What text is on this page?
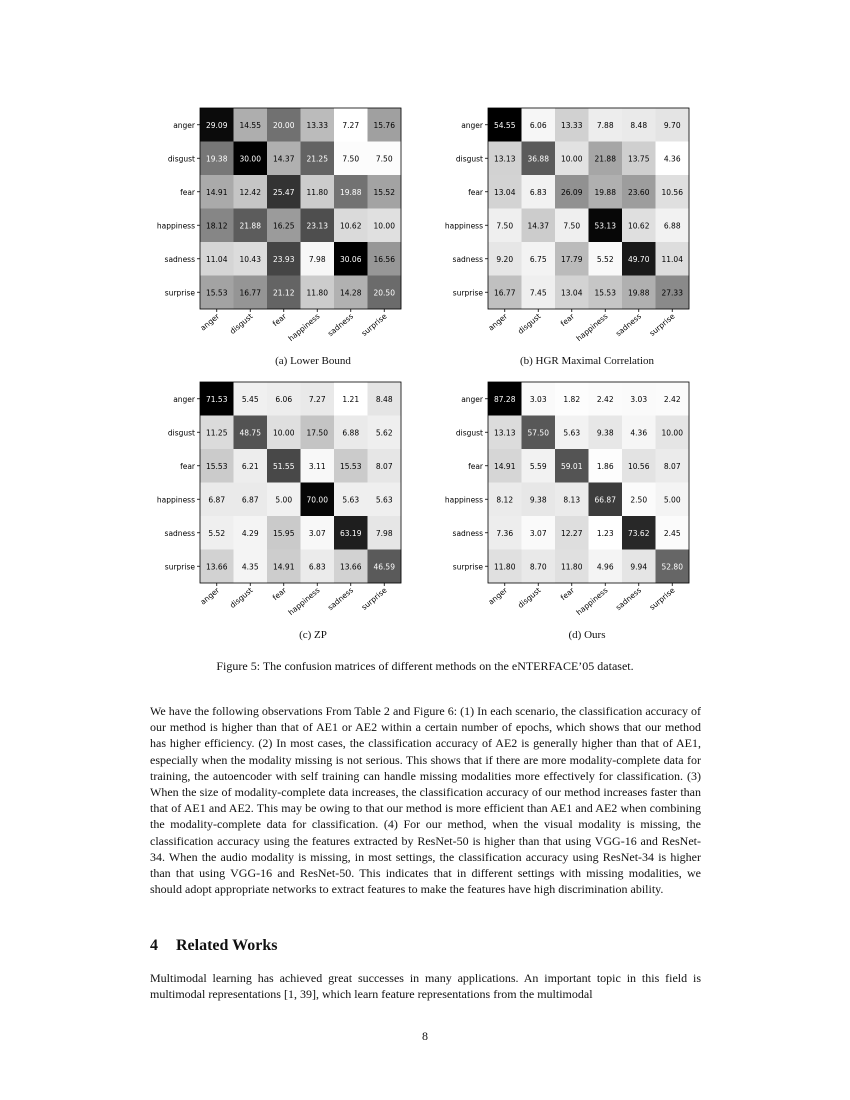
29.09 14.55 20.00 13.33 7.27 15.76
19.38 30.00 14.37 21.25 7.50 7.50
14.91 12.42 25.47 11.80 19.88 15.52
18.12 21.88 16.25 23.13 10.62 10.00
11.04 10.43 23.93 7.98 30.06 16.56
15.53 16.77 21.12 11.80 14.28 20.50
anger
disgust
fear
happiness
sadness
surprise
anger disgust fear
happiness sadness surprise
(a) Lower Bound
54.55 6.06 13.33 7.88 8.48 9.70
13.13 36.88 10.00 21.88 13.75 4.36
13.04 6.83 26.09 19.88 23.60 10.56
7.50 14.37 7.50 53.13 10.62 6.88
9.20 6.75 17.79 5.52 49.70 11.04
16.77 7.45 13.04 15.53 19.88 27.33
anger
disgust
fear
happiness
sadness
surprise
anger disgust fear
happiness sadness surprise
(b) HGR Maximal Correlation
71.53 5.45 6.06 7.27 1.21 8.48
11.25 48.75 10.00 17.50 6.88 5.62
15.53 6.21 51.55 3.11 15.53 8.07
6.87 6.87 5.00 70.00 5.63 5.63
5.52 4.29 15.95 3.07 63.19 7.98
13.66 4.35 14.91 6.83 13.66 46.59
anger
disgust
fear
happiness
sadness
surprise
anger disgust fear
happiness sadness surprise
(c) ZP
87.28 3.03 1.82 2.42 3.03 2.42
13.13 57.50 5.63 9.38 4.36 10.00
14.91 5.59 59.01 1.86 10.56 8.07
8.12 9.38 8.13 66.87 2.50 5.00
7.36 3.07 12.27 1.23 73.62 2.45
11.80 8.70 11.80 4.96 9.94 52.80
anger
disgust
fear
happiness
sadness
surprise
anger disgust fear
happiness sadness surprise
(d) Ours
Figure 5: The confusion matrices of different methods on the eNTERFACE’05 dataset.

We have the following observations From Table 2 and Figure 6: (1) In each scenario, the classification accuracy of our method is higher than that of AE1 or AE2 within a certain number of epochs, which shows that our method has higher efficiency. (2) In most cases, the classification accuracy of AE2 is generally higher than that of AE1, especially when the modality missing is not serious. This shows that if there are more modality-complete data for training, the autoencoder with self training can handle missing modalities more effectively for classification. (3) When the size of modality-complete data increases, the classification accuracy of our method increases faster than that of AE1 and AE2. This may be owing to that our method is more efficient than AE1 and AE2 when combining the modality-complete data for classification. (4) For our method, when the visual modality is missing, the classification accuracy using the features extracted by ResNet-50 is higher than that using VGG-16 and ResNet-34. When the audio modality is missing, in most settings, the classification accuracy using ResNet-34 is higher than that using VGG-16 and ResNet-50. This indicates that in different settings with missing modalities, we should adopt appropriate networks to extract features to make the features have high discrimination ability.

4 Related Works

Multimodal learning has achieved great successes in many applications. An important topic in this field is multimodal representations [1, 39], which learn feature representations from the multimodal

8
